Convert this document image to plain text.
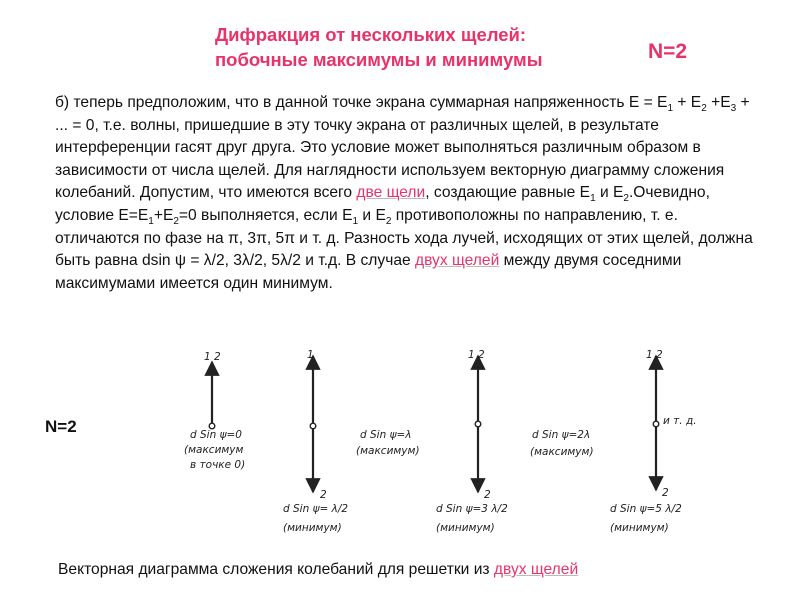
Дифракция от нескольких щелей:
побочные максимумы и минимумы	N=2
б) теперь предположим, что в данной точке экрана суммарная напряженность $Е = Е_1 + Е_2 +Е_3$ + ... = 0, т.е. волны, пришедшие в эту точку экрана от различных щелей, в результате интерференции гасят друг друга. Это условие может выполняться различным образом в зависимости от числа щелей. Для наглядности используем векторную диаграмму сложения колебаний. Допустим, что имеются всего две щели, создающие равные $Е_1$ и $Е_2.Очевидно$, условие $Е=Е_1+Е_2=0$ выполняется, если $Е_1$ и $Е_2$ противоположны по направлению, т. е. отличаются по фазе на π, 3π, 5π и т. д. Разность хода лучей, исходящих от этих щелей, должна быть равна dsin ψ = λ/2, 3λ/2, 5λ/2 и т.д. В случае двух щелей между двумя соседними максимумами имеется один минимум.
N=2
1 2	1	1 2	1 2
2	2	2
d Sin ψ=0
(максимум
в точке 0)
d Sin ψ=λ
(максимум)
d Sin ψ=2λ
(максимум)
и т. д.
d Sin ψ= λ/2
(минимум)
d Sin ψ=3 λ/2
(минимум)
d Sin ψ=5 λ/2
(минимум)
Векторная диаграмма сложения колебаний для решетки из двух щелей
